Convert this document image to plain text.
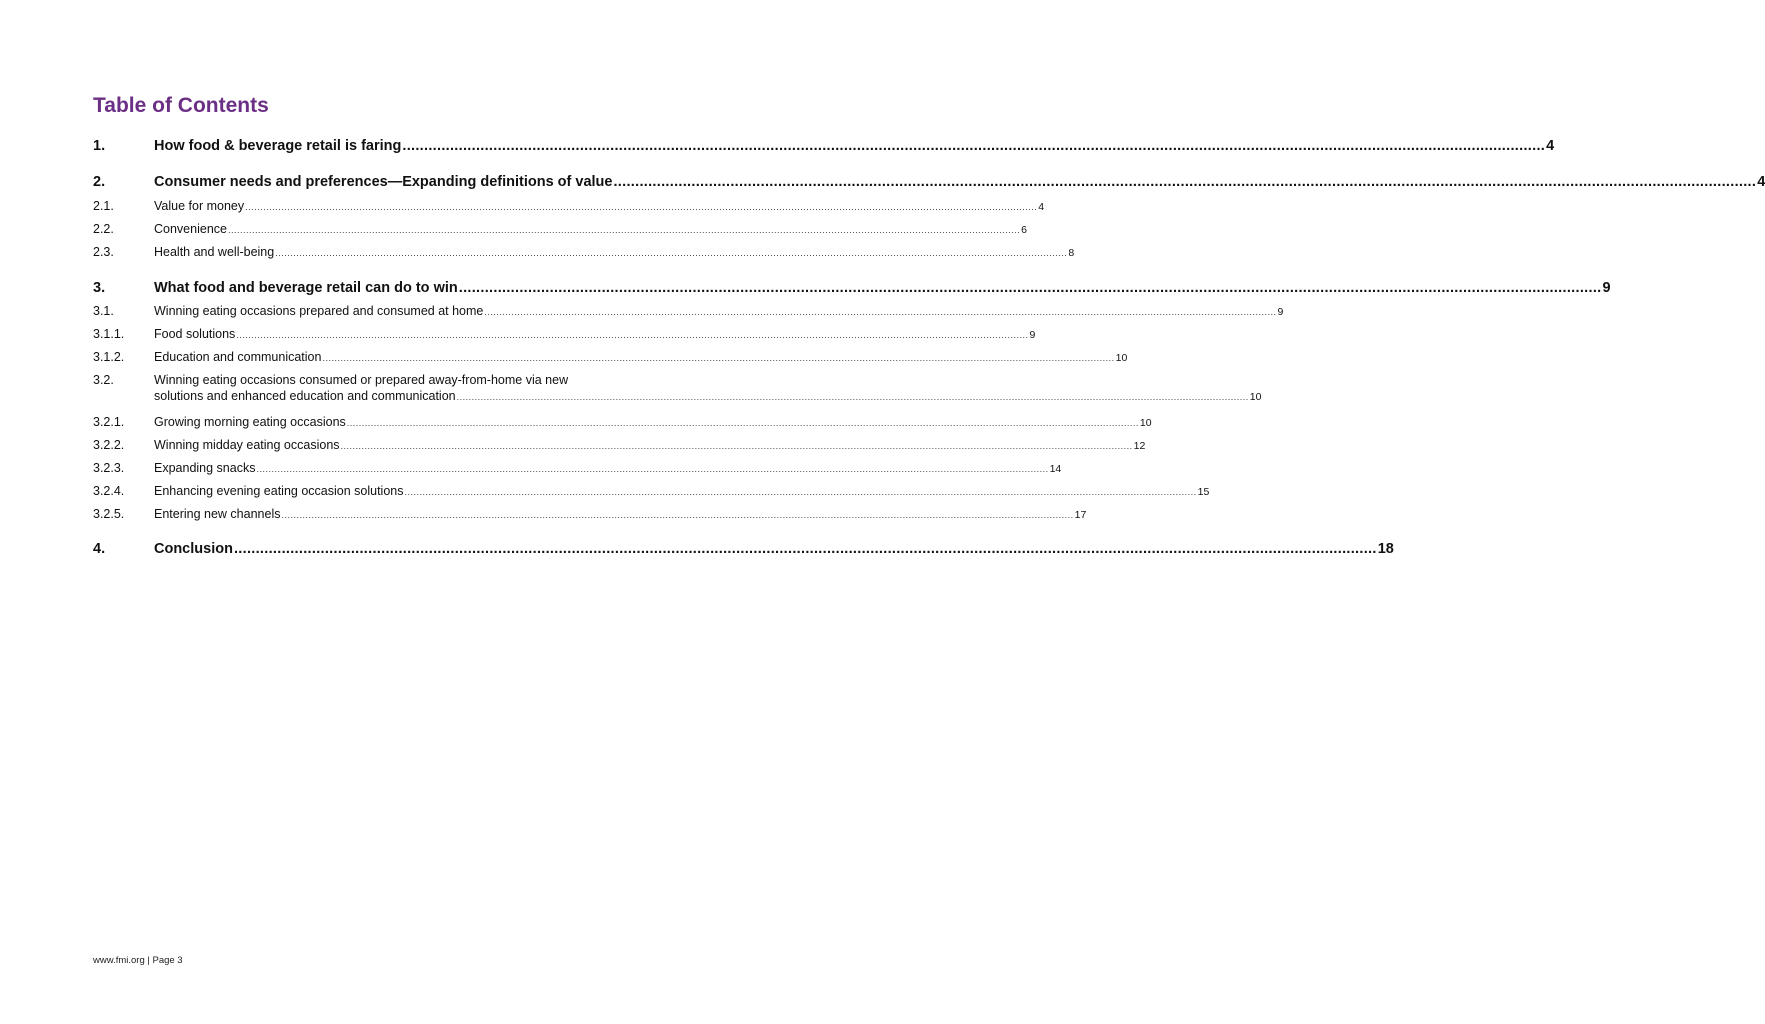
Table of Contents
1.	How food & beverage retail is faring .....	4
2.	Consumer needs and preferences—Expanding definitions of value .....	4
2.1.	Value for money .....	4
2.2.	Convenience .....	6
2.3.	Health and well-being .....	8
3.	What food and beverage retail can do to win .....	9
3.1.	Winning eating occasions prepared and consumed at home .....	9
3.1.1.	Food solutions .....	9
3.1.2.	Education and communication .....	10
3.2.	Winning eating occasions consumed or prepared away-from-home via new
solutions and enhanced education and communication .....	10
3.2.1.	Growing morning eating occasions .....	10
3.2.2.	Winning midday eating occasions .....	12
3.2.3.	Expanding snacks .....	14
3.2.4.	Enhancing evening eating occasion solutions .....	15
3.2.5.	Entering new channels .....	17
4.	Conclusion .....	18
www.fmi.org | Page 3
